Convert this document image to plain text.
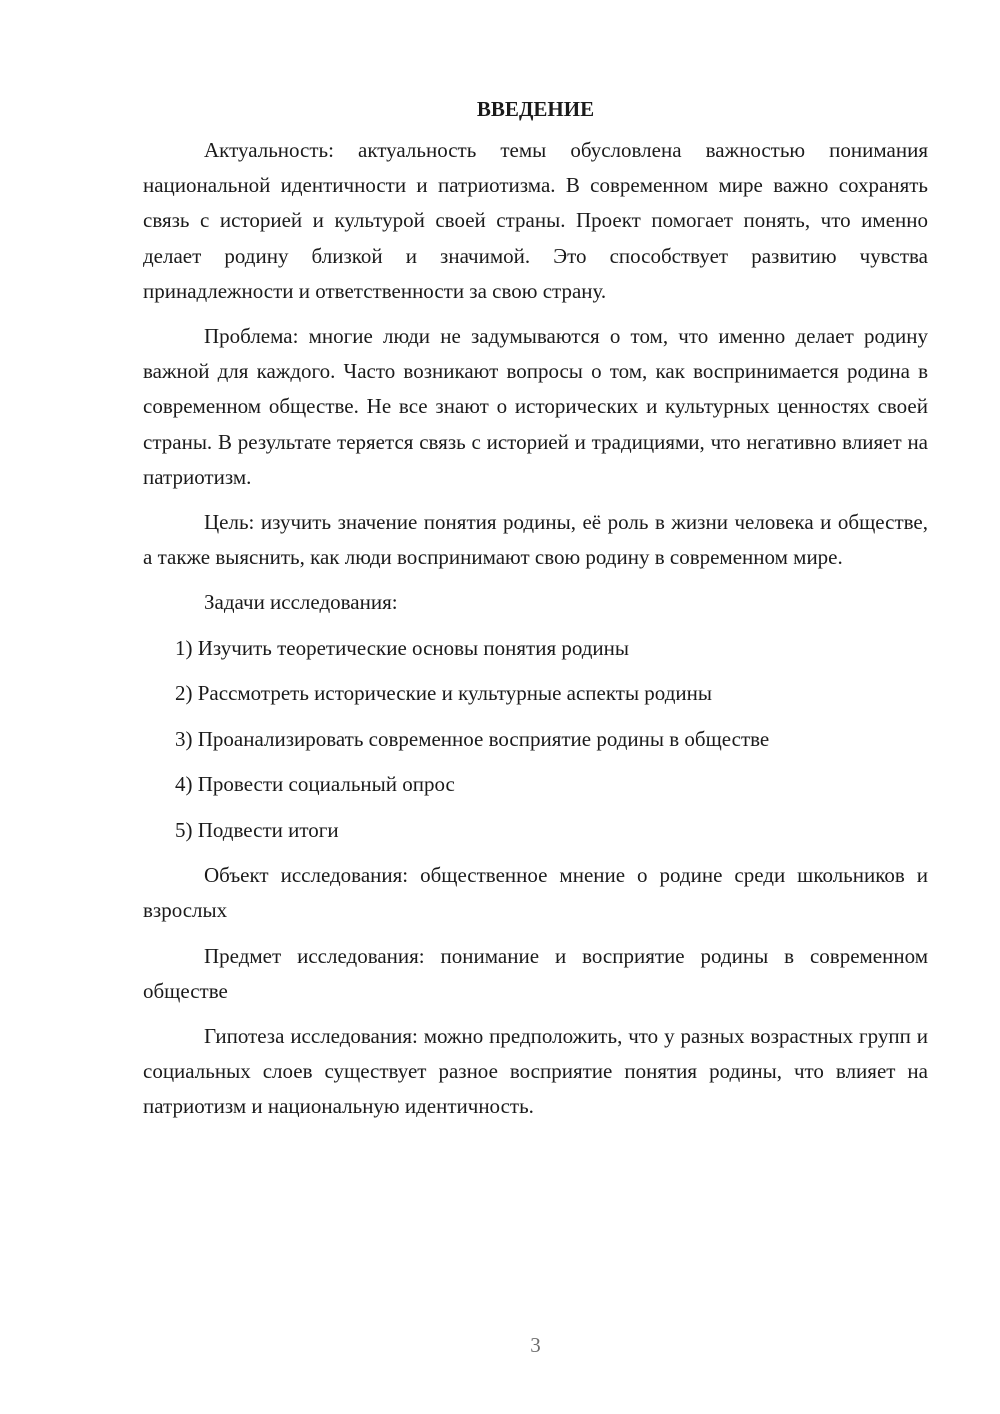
ВВЕДЕНИЕ

Актуальность: актуальность темы обусловлена важностью понимания национальной идентичности и патриотизма. В современном мире важно сохранять связь с историей и культурой своей страны. Проект помогает понять, что именно делает родину близкой и значимой. Это способствует развитию чувства принадлежности и ответственности за свою страну.

Проблема: многие люди не задумываются о том, что именно делает родину важной для каждого. Часто возникают вопросы о том, как воспринимается родина в современном обществе. Не все знают о исторических и культурных ценностях своей страны. В результате теряется связь с историей и традициями, что негативно влияет на патриотизм.

Цель: изучить значение понятия родины, её роль в жизни человека и обществе, а также выяснить, как люди воспринимают свою родину в современном мире.

Задачи исследования:

1) Изучить теоретические основы понятия родины
2) Рассмотреть исторические и культурные аспекты родины
3) Проанализировать современное восприятие родины в обществе
4) Провести социальный опрос
5) Подвести итоги

Объект исследования: общественное мнение о родине среди школьников и взрослых

Предмет исследования: понимание и восприятие родины в современном обществе

Гипотеза исследования: можно предположить, что у разных возрастных групп и социальных слоев существует разное восприятие понятия родины, что влияет на патриотизм и национальную идентичность.

3
